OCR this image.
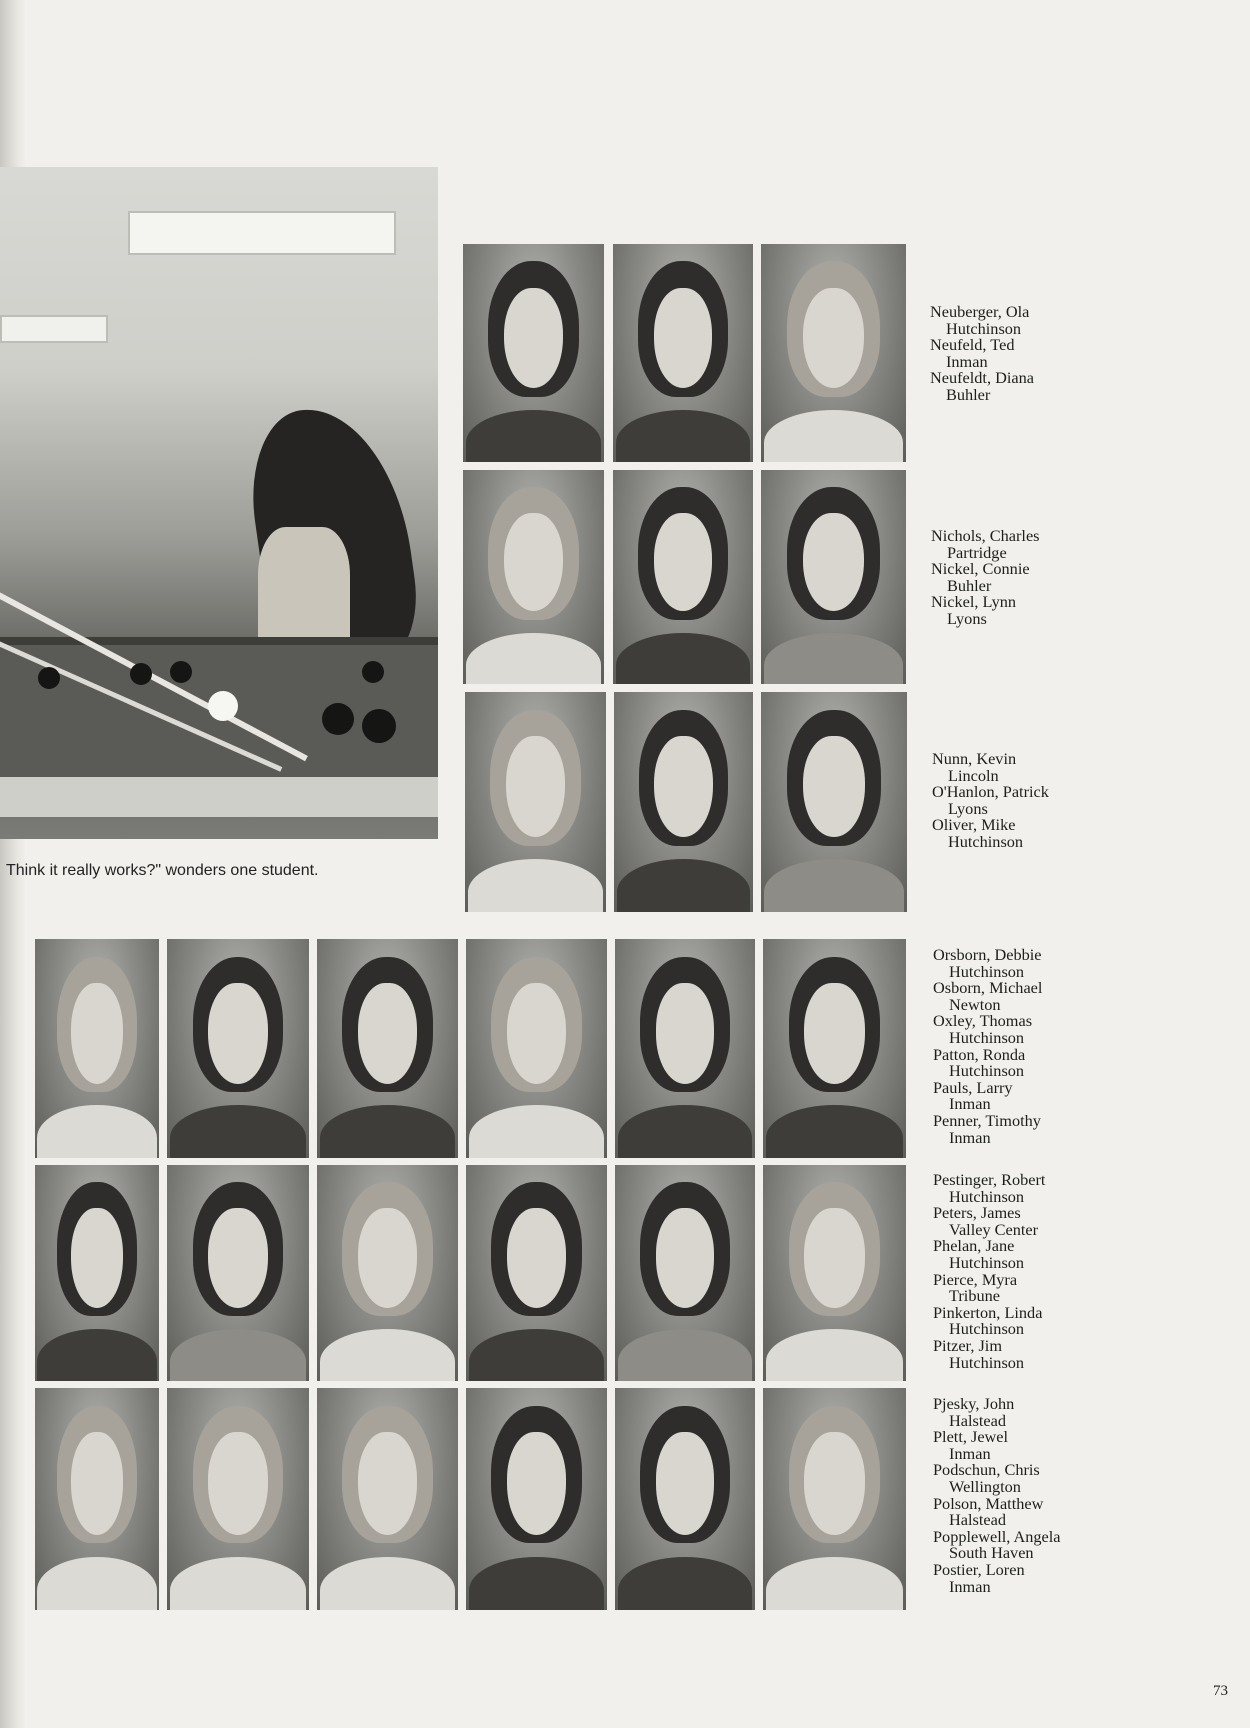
Think it really works?" wonders one student.
Neuberger, Ola
Hutchinson
Neufeld, Ted
Inman
Neufeldt, Diana
Buhler
Nichols, Charles
Partridge
Nickel, Connie
Buhler
Nickel, Lynn
Lyons
Nunn, Kevin
Lincoln
O'Hanlon, Patrick
Lyons
Oliver, Mike
Hutchinson
Orsborn, Debbie
Hutchinson
Osborn, Michael
Newton
Oxley, Thomas
Hutchinson
Patton, Ronda
Hutchinson
Pauls, Larry
Inman
Penner, Timothy
Inman
Pestinger, Robert
Hutchinson
Peters, James
Valley Center
Phelan, Jane
Hutchinson
Pierce, Myra
Tribune
Pinkerton, Linda
Hutchinson
Pitzer, Jim
Hutchinson
Pjesky, John
Halstead
Plett, Jewel
Inman
Podschun, Chris
Wellington
Polson, Matthew
Halstead
Popplewell, Angela
South Haven
Postier, Loren
Inman
73
